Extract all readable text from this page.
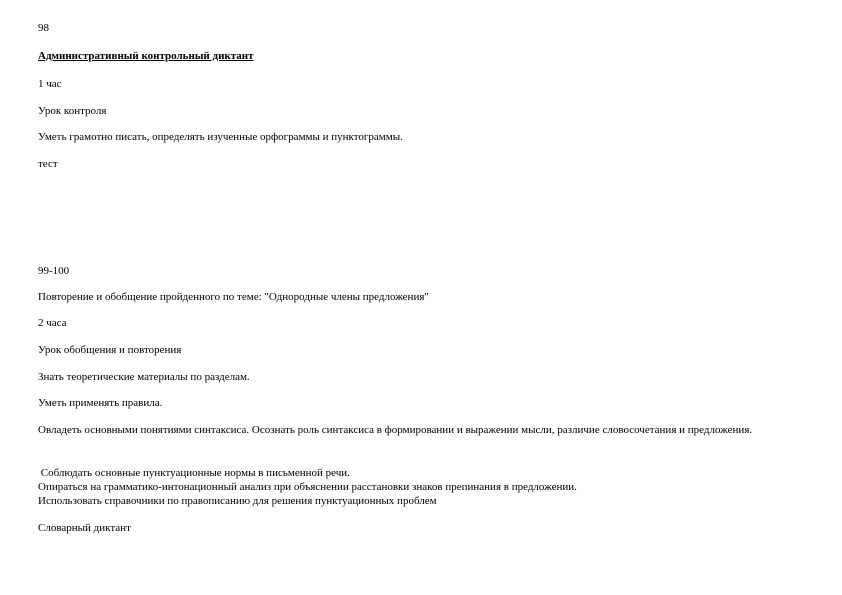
98
Административный контрольный диктант
1 час
Урок контроля
Уметь грамотно писать, определять изученные орфограммы и пунктограммы.
тест
99-100
Повторение и обобщение пройденного по теме: "Однородные члены предложения"
2 часа
Урок обобщения и повторения
Знать теоретические материалы по разделам.
Уметь применять правила.
Овладеть основными понятиями синтаксиса. Осознать роль синтаксиса в формировании и выражении мысли, различие словосочетания и предложения.
Соблюдать основные пунктуационные нормы в письменной речи.
Опираться на грамматико-интонационный анализ при объяснении расстановки знаков препинания в предложении.
Использовать справочники по правописанию для решения пунктуационных проблем
Словарный диктант
